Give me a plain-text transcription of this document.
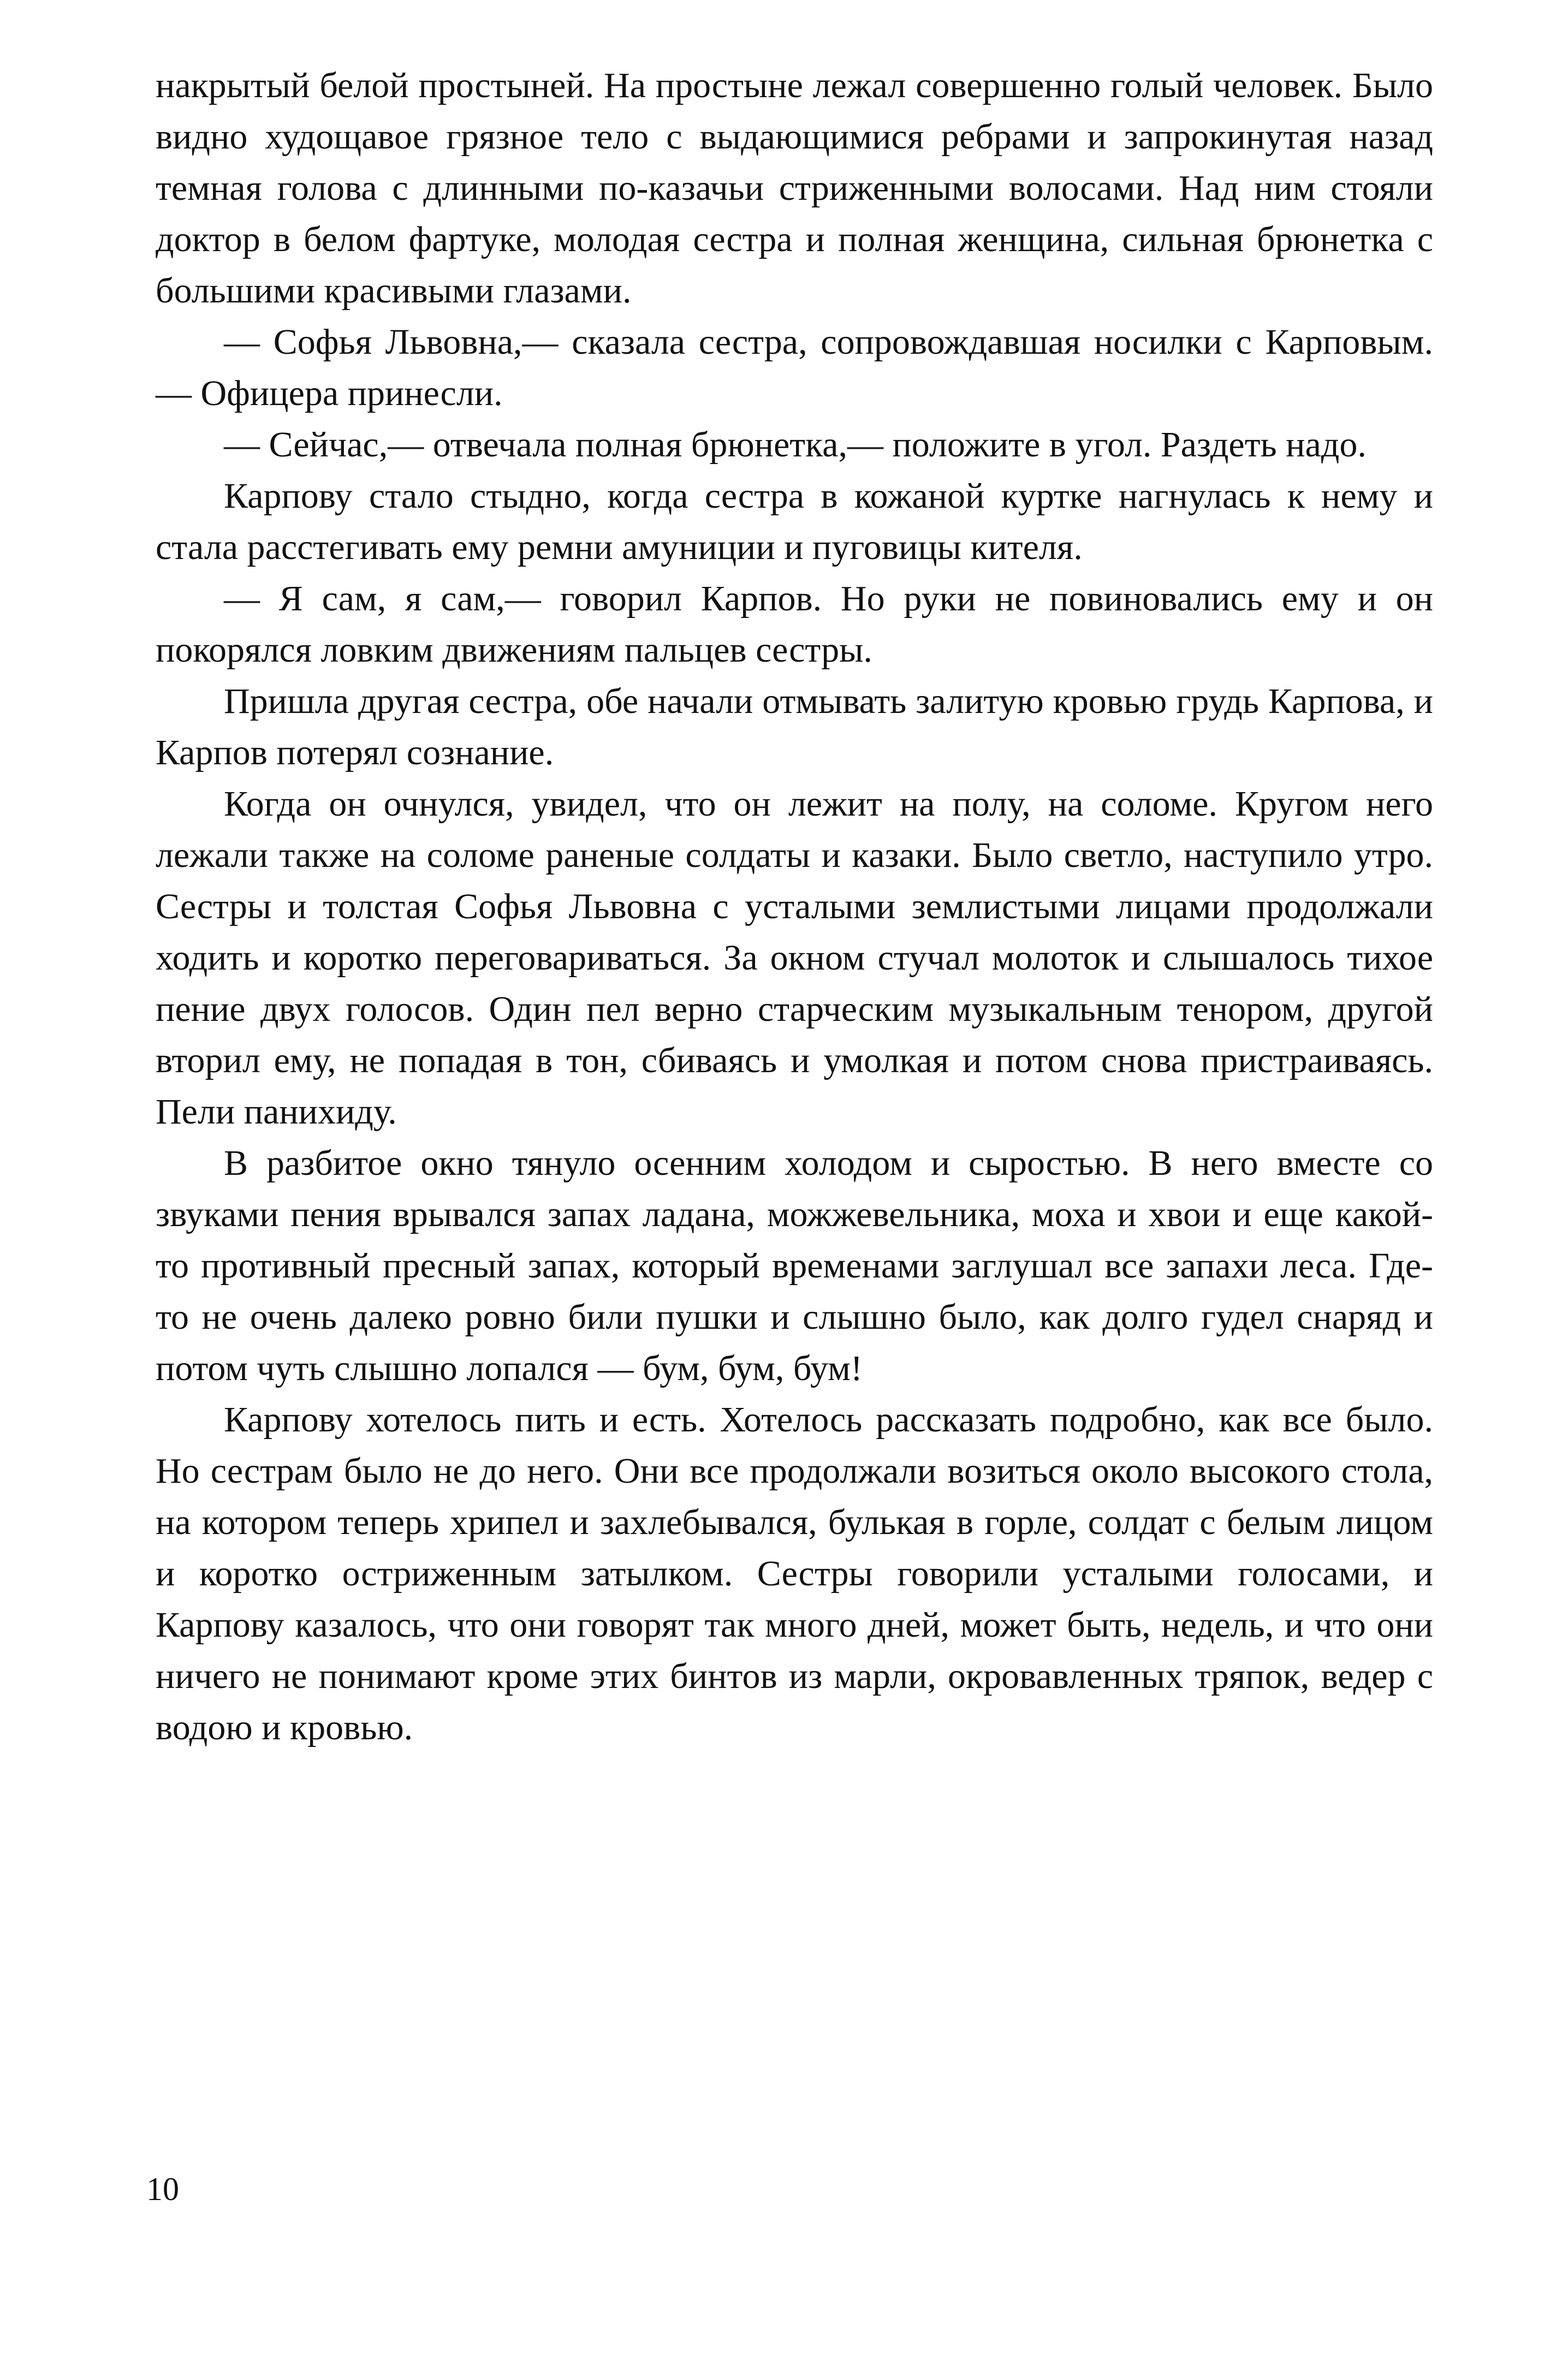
накрытый белой простыней. На простыне лежал совершенно голый человек. Было видно худощавое грязное тело с выдающимися ребрами и запрокинутая назад темная голова с длинными по-казачьи стриженными волосами. Над ним стояли доктор в белом фартуке, молодая сестра и полная женщина, сильная брюнетка с большими красивыми глазами.

— Софья Львовна,— сказала сестра, сопровождавшая носилки с Карповым.— Офицера принесли.

— Сейчас,— отвечала полная брюнетка,— положите в угол. Раздеть надо.

Карпову стало стыдно, когда сестра в кожаной куртке нагнулась к нему и стала расстегивать ему ремни амуниции и пуговицы кителя.

— Я сам, я сам,— говорил Карпов. Но руки не повиновались ему и он покорялся ловким движениям пальцев сестры.

Пришла другая сестра, обе начали отмывать залитую кровью грудь Карпова, и Карпов потерял сознание.

Когда он очнулся, увидел, что он лежит на полу, на соломе. Кругом него лежали также на соломе раненые солдаты и казаки. Было светло, наступило утро. Сестры и толстая Софья Львовна с усталыми землистыми лицами продолжали ходить и коротко переговариваться. За окном стучал молоток и слышалось тихое пение двух голосов. Один пел верно старческим музыкальным тенором, другой вторил ему, не попадая в тон, сбиваясь и умолкая и потом снова пристраиваясь. Пели панихиду.

В разбитое окно тянуло осенним холодом и сыростью. В него вместе со звуками пения врывался запах ладана, можжевельника, моха и хвои и еще какой-то противный пресный запах, который временами заглушал все запахи леса. Где-то не очень далеко ровно били пушки и слышно было, как долго гудел снаряд и потом чуть слышно лопался — бум, бум, бум!

Карпову хотелось пить и есть. Хотелось рассказать подробно, как все было. Но сестрам было не до него. Они все продолжали возиться около высокого стола, на котором теперь хрипел и захлебывался, булькая в горле, солдат с белым лицом и коротко остриженным затылком. Сестры говорили усталыми голосами, и Карпову казалось, что они говорят так много дней, может быть, недель, и что они ничего не понимают кроме этих бинтов из марли, окровавленных тряпок, ведер с водою и кровью.

10
